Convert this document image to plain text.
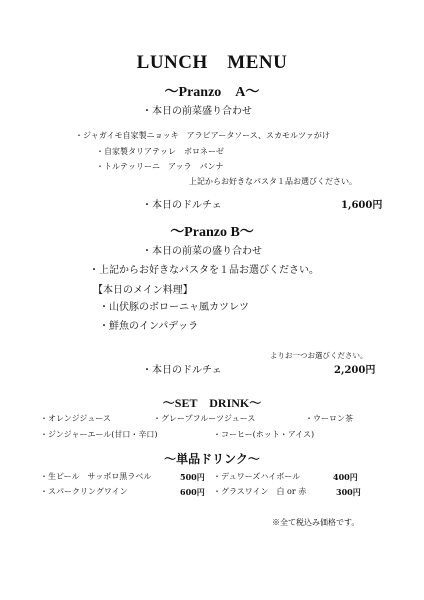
LUNCH　MENU
～Pranzo　A～
・本日の前菜盛り合わせ
・ジャガイモ自家製ニョッキ　アラビアータソース、スカモルツァがけ
・自家製タリアテッレ　ボロネーゼ
・トルテッリーニ　アッラ　パンナ
上記からお好きなパスタ１品お選びください。
・本日のドルチェ	1,600円
～Pranzo B～
・本日の前菜の盛り合わせ
・上記からお好きなパスタを１品お選びください。
【本日のメイン料理】
・山伏豚のボローニャ風カツレツ
・鮮魚のインパデッラ
よりお一つお選びください。
・本日のドルチェ	2,200円
～SET　DRINK～
・オレンジジュース	・グレープフルーツジュース	・ウーロン茶
・ジンジャーエール(甘口・辛口)	・コーヒー(ホット・アイス)
～単品ドリンク～
・生ビール　サッポロ黒ラベル	500円 ・デュワーズハイボール	400円
・スパークリングワイン	600円 ・グラスワイン　白 or 赤	300円
※全て税込み価格です。
